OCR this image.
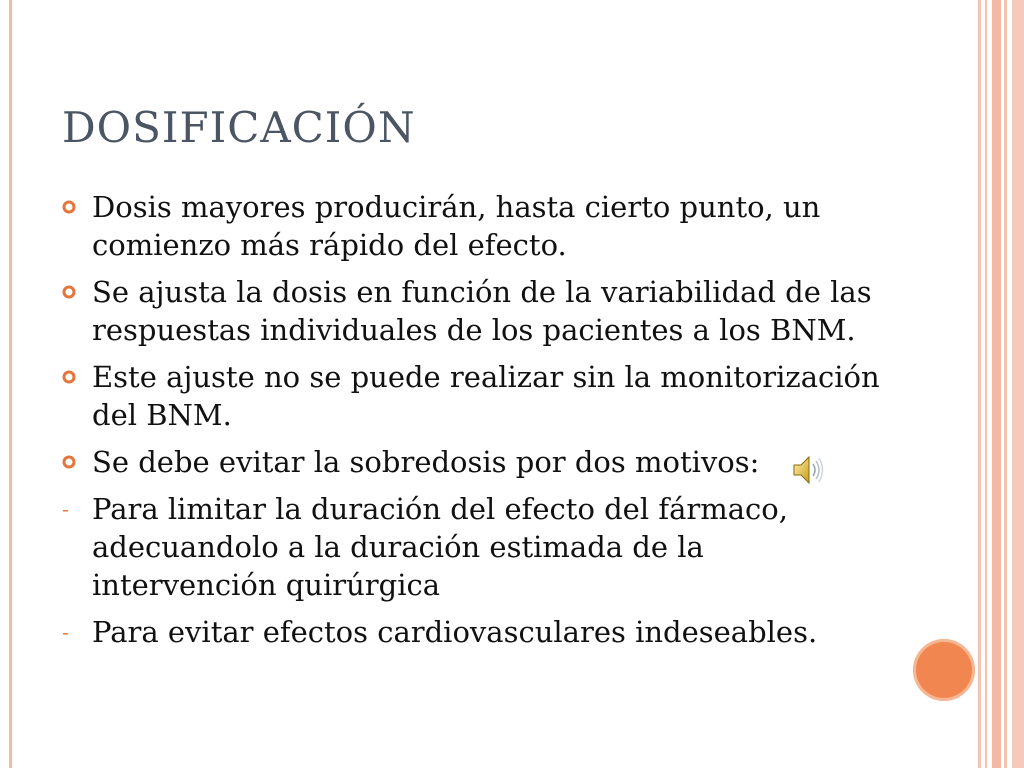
DOSIFICACIÓN
Dosis mayores producirán, hasta cierto punto, un comienzo más rápido del efecto.
Se ajusta la dosis en función de la variabilidad de las respuestas individuales de los pacientes a los BNM.
Este ajuste no se puede realizar sin la monitorización del BNM.
Se debe evitar la sobredosis por dos motivos:
- Para limitar la duración del efecto del fármaco, adecuandolo a la duración estimada de la intervención quirúrgica
- Para evitar efectos cardiovasculares indeseables.
